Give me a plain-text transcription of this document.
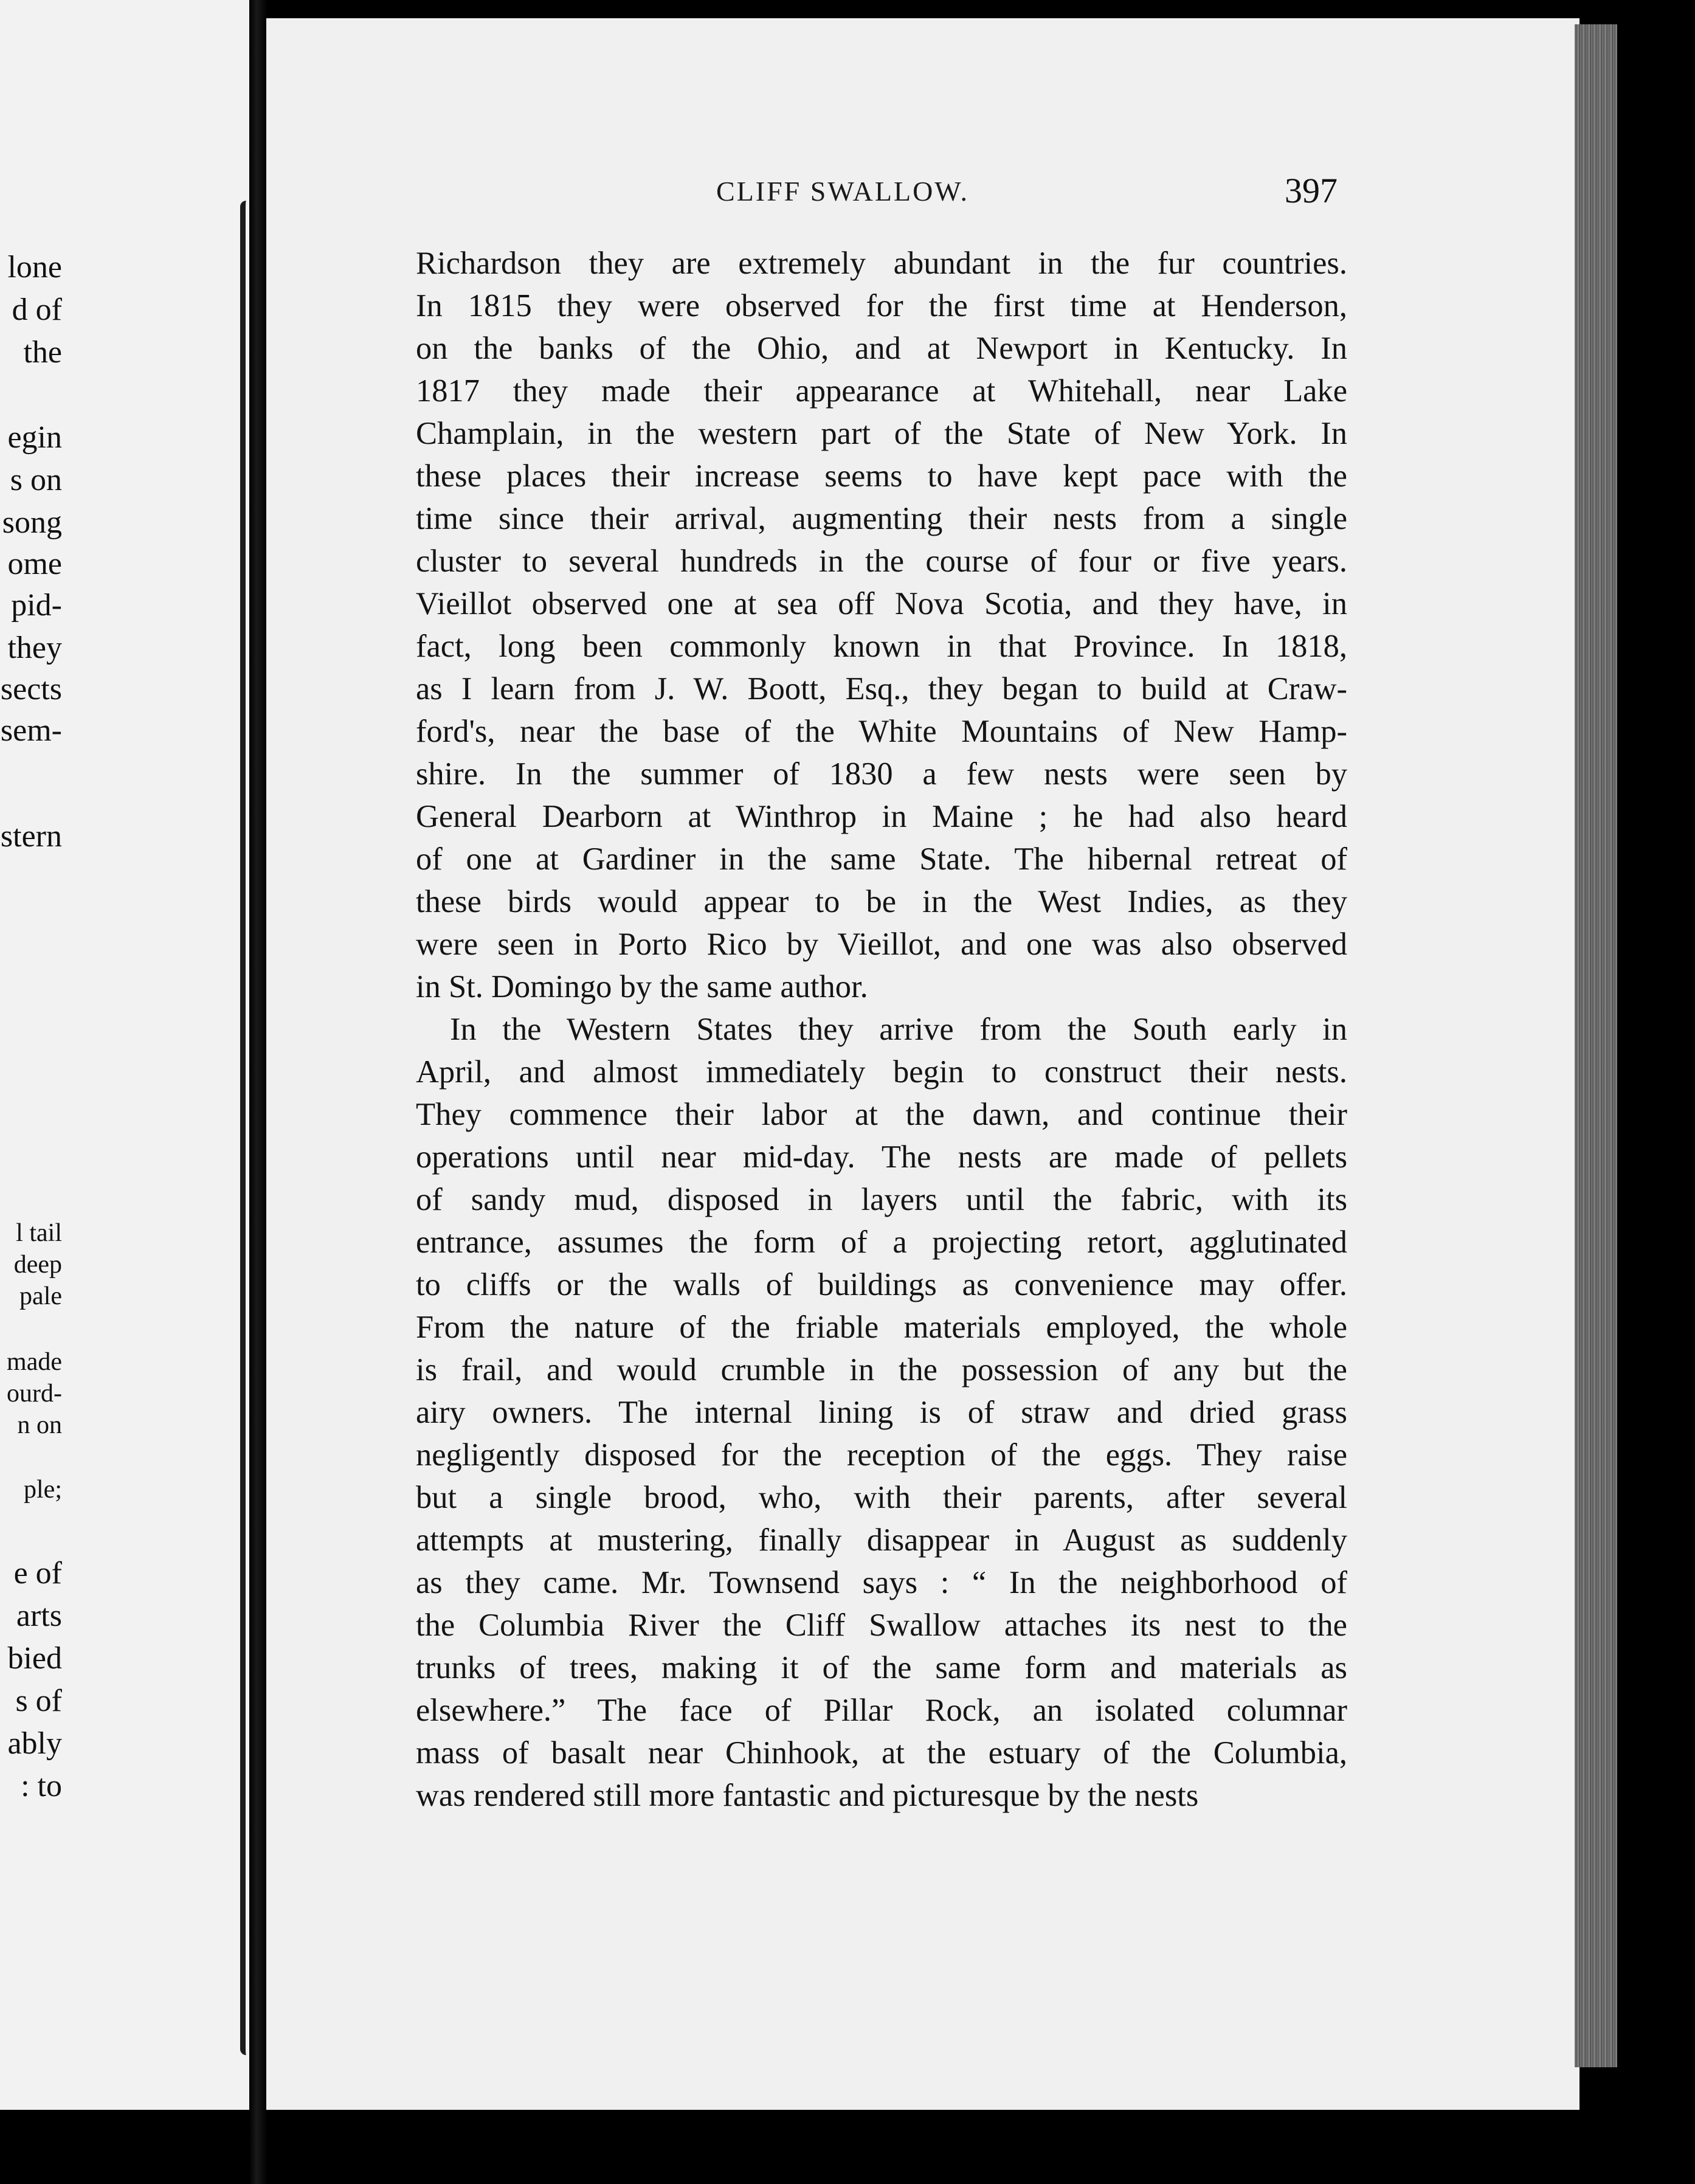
lone
d of
the
egin
s on
song
ome
pid-
they
sects
sem-
stern
l tail
deep
pale
made
ourd-
n on
ple;
e of
arts
bied
s of
ably
: to
CLIFF SWALLOW.	397
Richardson they are extremely abundant in the fur countries.
In 1815 they were observed for the first time at Henderson,
on the banks of the Ohio, and at Newport in Kentucky. In
1817 they made their appearance at Whitehall, near Lake
Champlain, in the western part of the State of New York. In
these places their increase seems to have kept pace with the
time since their arrival, augmenting their nests from a single
cluster to several hundreds in the course of four or five years.
Vieillot observed one at sea off Nova Scotia, and they have, in
fact, long been commonly known in that Province. In 1818,
as I learn from J. W. Boott, Esq., they began to build at Craw-
ford's, near the base of the White Mountains of New Hamp-
shire. In the summer of 1830 a few nests were seen by
General Dearborn at Winthrop in Maine ; he had also heard
of one at Gardiner in the same State. The hibernal retreat of
these birds would appear to be in the West Indies, as they
were seen in Porto Rico by Vieillot, and one was also observed
in St. Domingo by the same author.
In the Western States they arrive from the South early in
April, and almost immediately begin to construct their nests.
They commence their labor at the dawn, and continue their
operations until near mid-day. The nests are made of pellets
of sandy mud, disposed in layers until the fabric, with its
entrance, assumes the form of a projecting retort, agglutinated
to cliffs or the walls of buildings as convenience may offer.
From the nature of the friable materials employed, the whole
is frail, and would crumble in the possession of any but the
airy owners. The internal lining is of straw and dried grass
negligently disposed for the reception of the eggs. They raise
but a single brood, who, with their parents, after several
attempts at mustering, finally disappear in August as suddenly
as they came. Mr. Townsend says : “ In the neighborhood of
the Columbia River the Cliff Swallow attaches its nest to the
trunks of trees, making it of the same form and materials as
elsewhere.” The face of Pillar Rock, an isolated columnar
mass of basalt near Chinhook, at the estuary of the Columbia,
was rendered still more fantastic and picturesque by the nests
